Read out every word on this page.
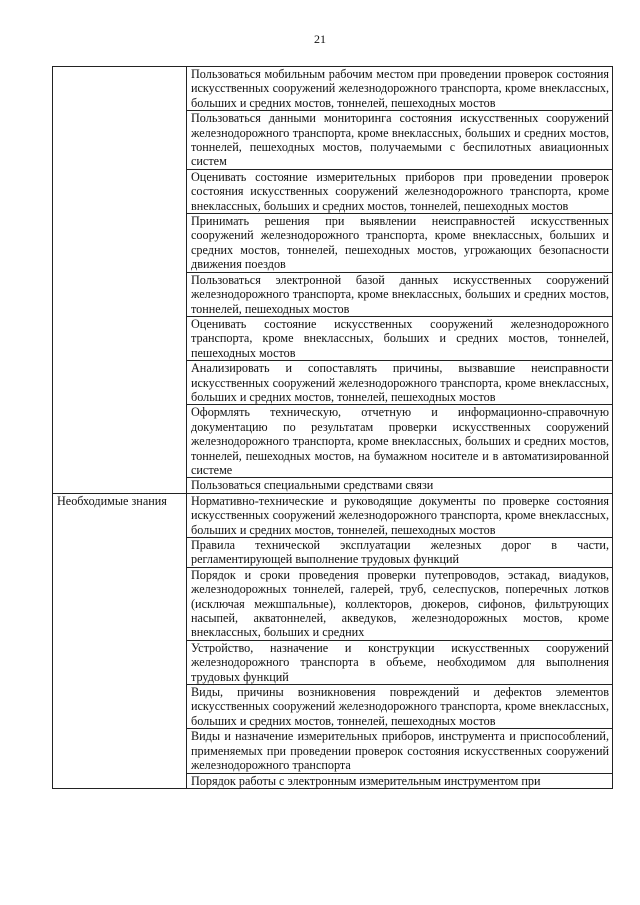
21
	Пользоваться мобильным рабочим местом при проведении проверок состояния искусственных сооружений железнодорожного транспорта, кроме внеклассных, больших и средних мостов, тоннелей, пешеходных мостов
	Пользоваться данными мониторинга состояния искусственных сооружений железнодорожного транспорта, кроме внеклассных, больших и средних мостов, тоннелей, пешеходных мостов, получаемыми с беспилотных авиационных систем
	Оценивать состояние измерительных приборов при проведении проверок состояния искусственных сооружений железнодорожного транспорта, кроме внеклассных, больших и средних мостов, тоннелей, пешеходных мостов
	Принимать решения при выявлении неисправностей искусственных сооружений железнодорожного транспорта, кроме внеклассных, больших и средних мостов, тоннелей, пешеходных мостов, угрожающих безопасности движения поездов
	Пользоваться электронной базой данных искусственных сооружений железнодорожного транспорта, кроме внеклассных, больших и средних мостов, тоннелей, пешеходных мостов
	Оценивать состояние искусственных сооружений железнодорожного транспорта, кроме внеклассных, больших и средних мостов, тоннелей, пешеходных мостов
	Анализировать и сопоставлять причины, вызвавшие неисправности искусственных сооружений железнодорожного транспорта, кроме внеклассных, больших и средних мостов, тоннелей, пешеходных мостов
	Оформлять техническую, отчетную и информационно-справочную документацию по результатам проверки искусственных сооружений железнодорожного транспорта, кроме внеклассных, больших и средних мостов, тоннелей, пешеходных мостов, на бумажном носителе и в автоматизированной системе
	Пользоваться специальными средствами связи
Необходимые знания	Нормативно-технические и руководящие документы по проверке состояния искусственных сооружений железнодорожного транспорта, кроме внеклассных, больших и средних мостов, тоннелей, пешеходных мостов
	Правила технической эксплуатации железных дорог в части, регламентирующей выполнение трудовых функций
	Порядок и сроки проведения проверки путепроводов, эстакад, виадуков, железнодорожных тоннелей, галерей, труб, селеспусков, поперечных лотков (исключая межшпальные), коллекторов, дюкеров, сифонов, фильтрующих насыпей, акватоннелей, акведуков, железнодорожных мостов, кроме внеклассных, больших и средних
	Устройство, назначение и конструкции искусственных сооружений железнодорожного транспорта в объеме, необходимом для выполнения трудовых функций
	Виды, причины возникновения повреждений и дефектов элементов искусственных сооружений железнодорожного транспорта, кроме внеклассных, больших и средних мостов, тоннелей, пешеходных мостов
	Виды и назначение измерительных приборов, инструмента и приспособлений, применяемых при проведении проверок состояния искусственных сооружений железнодорожного транспорта
	Порядок работы с электронным измерительным инструментом при
